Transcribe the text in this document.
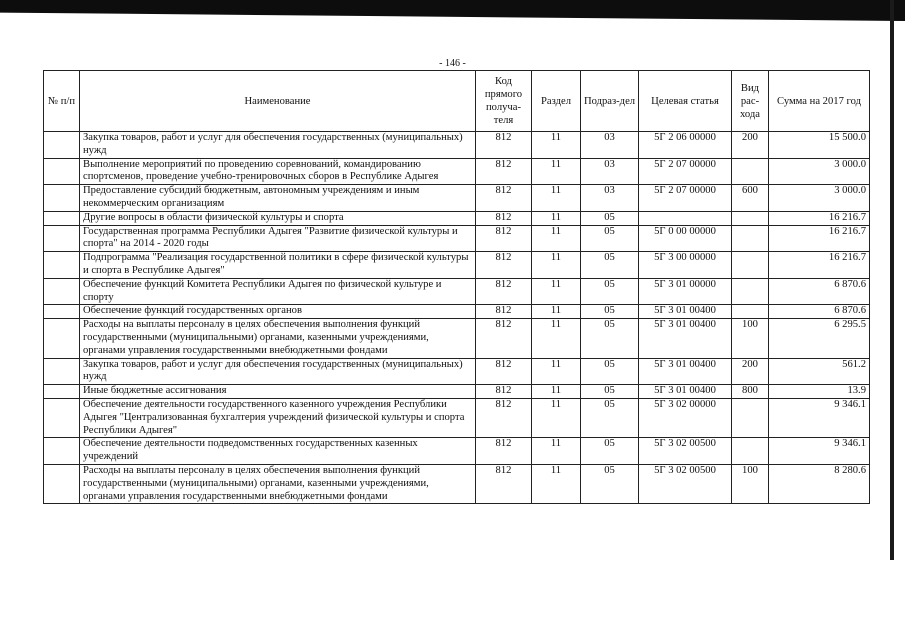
- 146 -
№ п/п	Наименование	Код прямого получа-теля	Раздел	Подраз-дел	Целевая статья	Вид рас-хода	Сумма на 2017 год
	Закупка товаров, работ и услуг для обеспечения государственных (муниципальных) нужд	812	11	03	5Г 2 06 00000	200	15 500.0
	Выполнение мероприятий по проведению соревнований, командированию спортсменов, проведение учебно-тренировочных сборов в Республике Адыгея	812	11	03	5Г 2 07 00000		3 000.0
	Предоставление субсидий бюджетным, автономным учреждениям и иным некоммерческим организациям	812	11	03	5Г 2 07 00000	600	3 000.0
	Другие вопросы в области физической культуры и спорта	812	11	05			16 216.7
	Государственная программа Республики Адыгея "Развитие физической культуры и спорта" на 2014 - 2020 годы	812	11	05	5Г 0 00 00000		16 216.7
	Подпрограмма "Реализация государственной политики в сфере физической культуры и спорта в Республике Адыгея"	812	11	05	5Г 3 00 00000		16 216.7
	Обеспечение функций Комитета Республики Адыгея по физической культуре и спорту	812	11	05	5Г 3 01 00000		6 870.6
	Обеспечение функций государственных органов	812	11	05	5Г 3 01 00400		6 870.6
	Расходы на выплаты персоналу в целях обеспечения выполнения функций государственными (муниципальными) органами, казенными учреждениями, органами управления государственными внебюджетными фондами	812	11	05	5Г 3 01 00400	100	6 295.5
	Закупка товаров, работ и услуг для обеспечения государственных (муниципальных) нужд	812	11	05	5Г 3 01 00400	200	561.2
	Иные бюджетные ассигнования	812	11	05	5Г 3 01 00400	800	13.9
	Обеспечение деятельности государственного казенного учреждения Республики Адыгея "Централизованная бухгалтерия учреждений физической культуры и спорта Республики Адыгея"	812	11	05	5Г 3 02 00000		9 346.1
	Обеспечение деятельности подведомственных государственных казенных учреждений	812	11	05	5Г 3 02 00500		9 346.1
	Расходы на выплаты персоналу в целях обеспечения выполнения функций государственными (муниципальными) органами, казенными учреждениями, органами управления государственными внебюджетными фондами	812	11	05	5Г 3 02 00500	100	8 280.6
